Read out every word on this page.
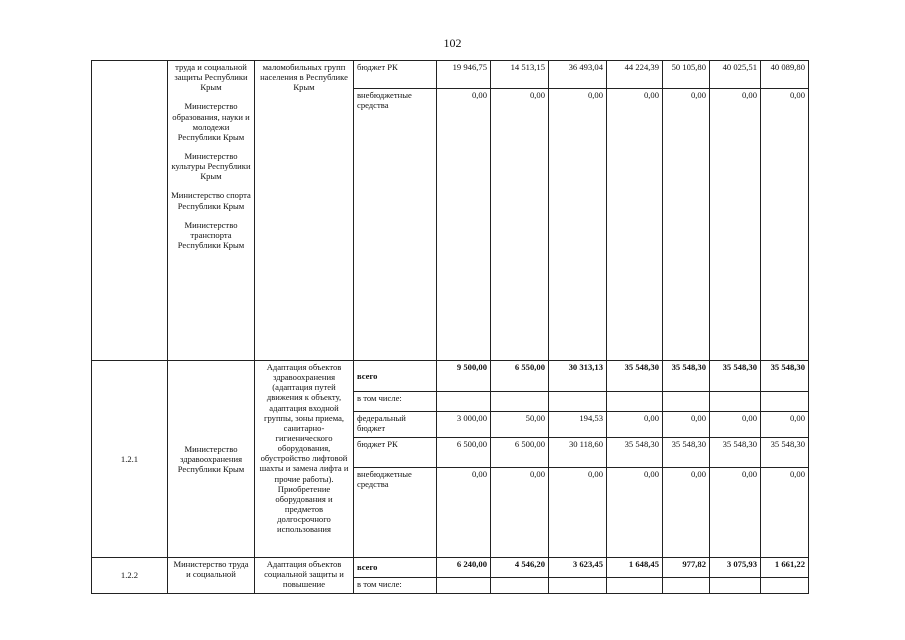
102

	труда и социальной защиты Республики Крым
Министерство образования, науки и молодежи Республики Крым
Министерство культуры Республики Крым
Министерство спорта Республики Крым
Министерство транспорта Республики Крым	маломобильных групп населения в Республике Крым	бюджет РК	19 946,75	14 513,15	36 493,04	44 224,39	50 105,80	40 025,51	40 089,80
			внебюджетные средства	0,00	0,00	0,00	0,00	0,00	0,00	0,00
1.2.1	Министерство здравоохранения Республики Крым	Адаптация объектов здравоохранения (адаптация путей движения к объекту, адаптация входной группы, зоны приема, санитарно-гигиенического оборудования, обустройство лифтовой шахты и замена лифта и прочие работы). Приобретение оборудования и предметов долгосрочного использования	всего	9 500,00	6 550,00	30 313,13	35 548,30	35 548,30	35 548,30	35 548,30
			в том числе:							
			федеральный бюджет	3 000,00	50,00	194,53	0,00	0,00	0,00	0,00
			бюджет РК	6 500,00	6 500,00	30 118,60	35 548,30	35 548,30	35 548,30	35 548,30
			внебюджетные средства	0,00	0,00	0,00	0,00	0,00	0,00	0,00
1.2.2	Министерство труда и социальной	Адаптация объектов социальной защиты и повышение	всего	6 240,00	4 546,20	3 623,45	1 648,45	977,82	3 075,93	1 661,22
			в том числе:							
